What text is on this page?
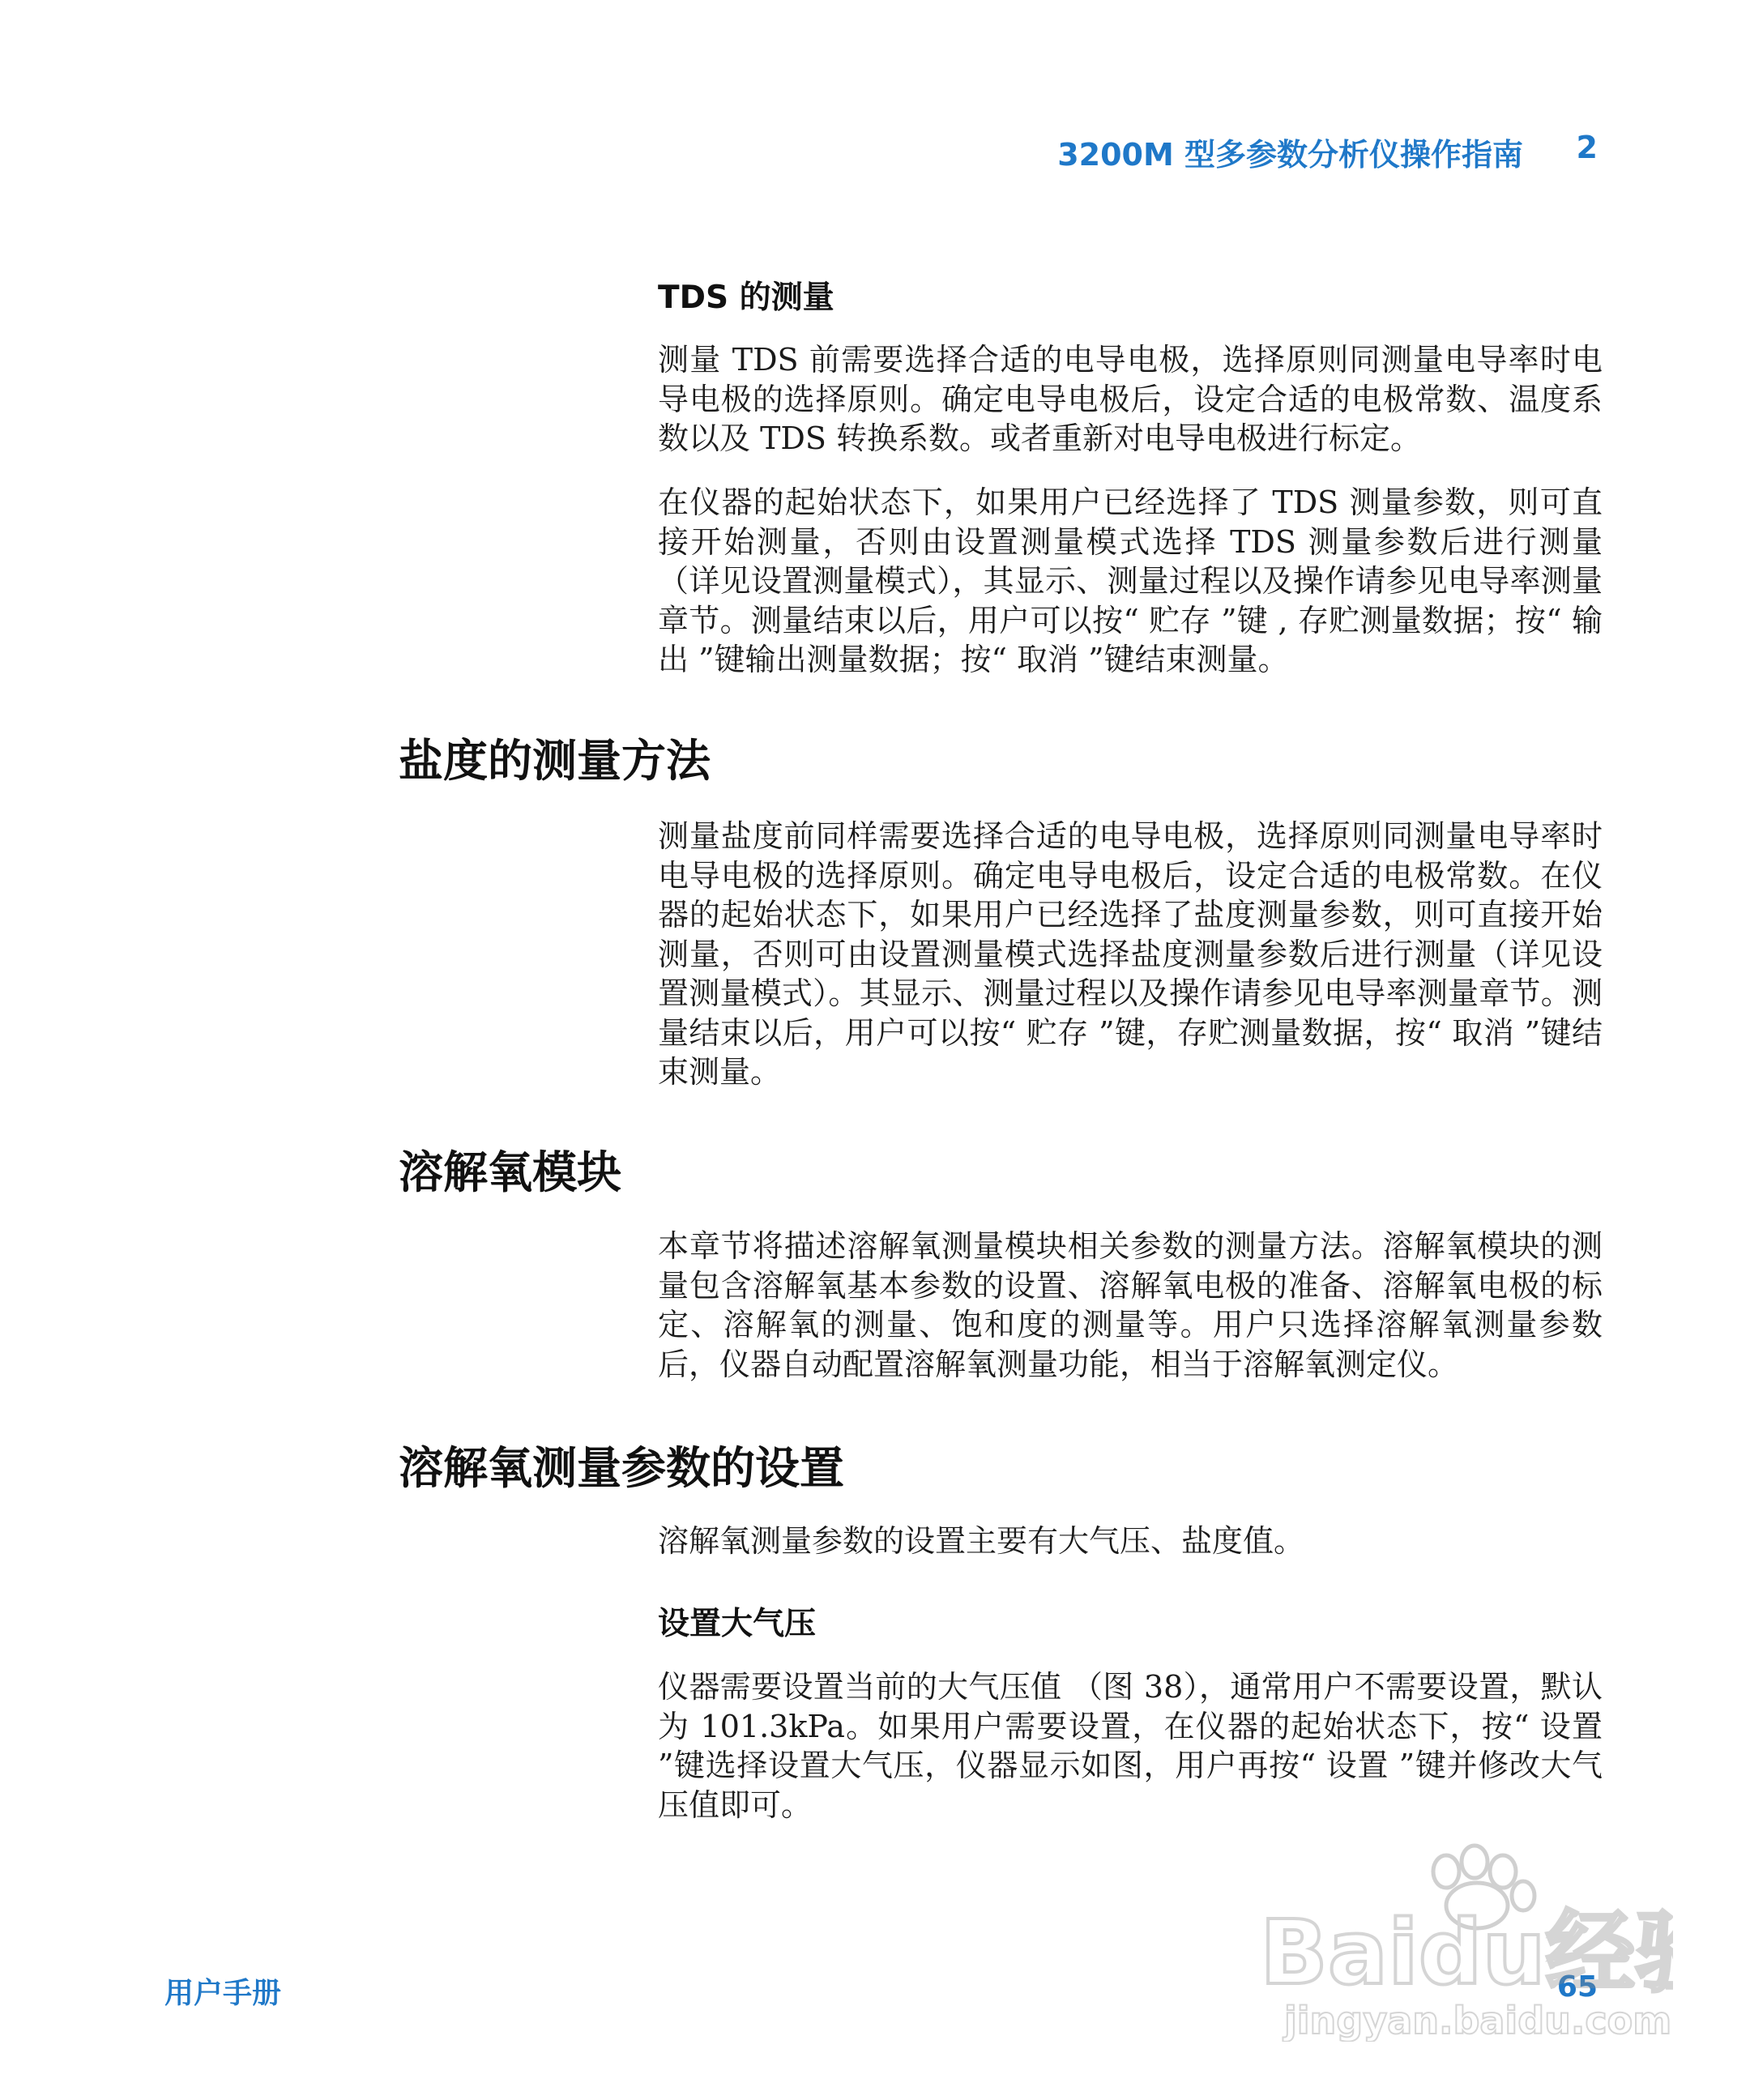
3200M 型多参数分析仪操作指南 2
TDS 的测量

测量 TDS 前需要选择合适的电导电极，选择原则同测量电导率时电导电极的选择原则。确定电导电极后，设定合适的电极常数、温度系数以及 TDS 转换系数。或者重新对电导电极进行标定。

在仪器的起始状态下，如果用户已经选择了 TDS 测量参数，则可直接开始测量，否则由设置测量模式选择 TDS 测量参数后进行测量（详见设置测量模式），其显示、测量过程以及操作请参见电导率测量章节。测量结束以后，用户可以按“ 贮存 ”键 , 存贮测量数据；按“ 输出 ”键输出测量数据；按“ 取消 ”键结束测量。

盐度的测量方法

测量盐度前同样需要选择合适的电导电极，选择原则同测量电导率时电导电极的选择原则。确定电导电极后，设定合适的电极常数。在仪器的起始状态下，如果用户已经选择了盐度测量参数，则可直接开始测量，否则可由设置测量模式选择盐度测量参数后进行测量（详见设置测量模式）。其显示、测量过程以及操作请参见电导率测量章节。测量结束以后，用户可以按“ 贮存 ”键，存贮测量数据，按“ 取消 ”键结束测量。

溶解氧模块

本章节将描述溶解氧测量模块相关参数的测量方法。溶解氧模块的测量包含溶解氧基本参数的设置、溶解氧电极的准备、溶解氧电极的标定、溶解氧的测量、饱和度的测量等。用户只选择溶解氧测量参数后，仪器自动配置溶解氧测量功能，相当于溶解氧测定仪。

溶解氧测量参数的设置

溶解氧测量参数的设置主要有大气压、盐度值。

设置大气压

仪器需要设置当前的大气压值 （图 38），通常用户不需要设置，默认为 101.3kPa。如果用户需要设置，在仪器的起始状态下，按“ 设置 ”键选择设置大气压，仪器显示如图，用户再按“ 设置 ”键并修改大气压值即可。

用户手册	65
Baidu经
jingyan.baidu.com
